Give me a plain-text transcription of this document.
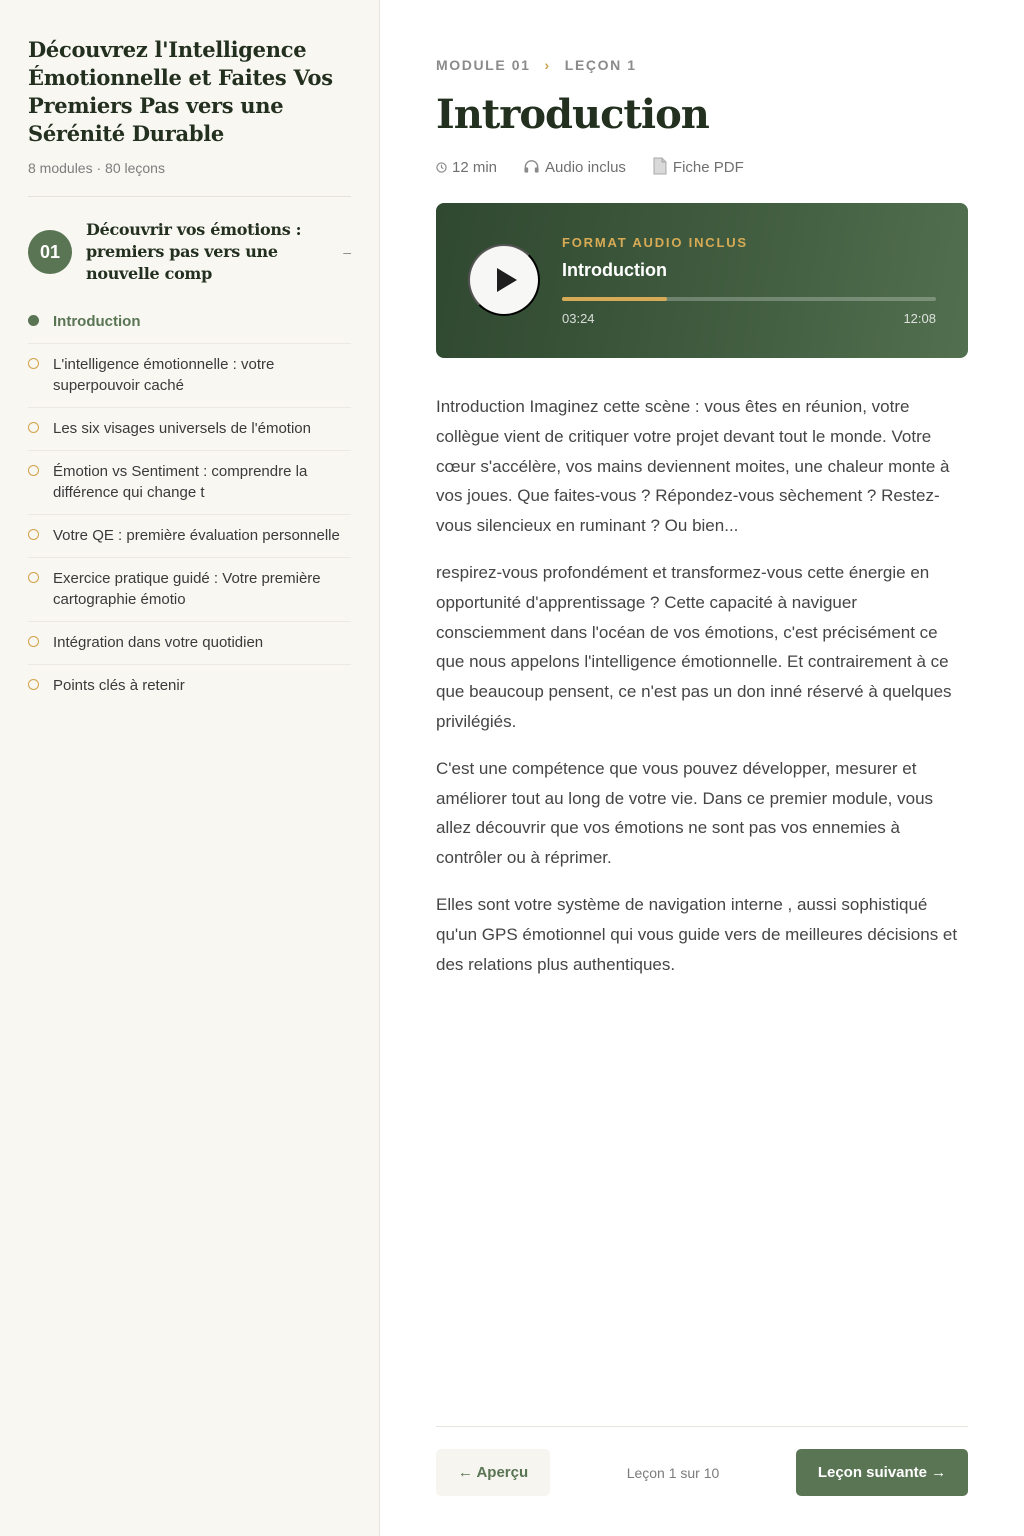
Découvrez l'Intelligence Émotionnelle et Faites Vos Premiers Pas vers une Sérénité Durable
8 modules · 80 leçons
01
Découvrir vos émotions : premiers pas vers une nouvelle comp
–
Introduction
L'intelligence émotionnelle : votre superpouvoir caché
Les six visages universels de l'émotion
Émotion vs Sentiment : comprendre la différence qui change t
Votre QE : première évaluation personnelle
Exercice pratique guidé : Votre première cartographie émotio
Intégration dans votre quotidien
Points clés à retenir
MODULE 01 › LEÇON 1
Introduction
12 min	Audio inclus	Fiche PDF
FORMAT AUDIO INCLUS
Introduction
03:24	12:08

Introduction Imaginez cette scène : vous êtes en réunion, votre collègue vient de critiquer votre projet devant tout le monde. Votre cœur s'accélère, vos mains deviennent moites, une chaleur monte à vos joues. Que faites-vous ? Répondez-vous sèchement ? Restez-vous silencieux en ruminant ? Ou bien...

respirez-vous profondément et transformez-vous cette énergie en opportunité d'apprentissage ? Cette capacité à naviguer consciemment dans l'océan de vos émotions, c'est précisément ce que nous appelons l'intelligence émotionnelle. Et contrairement à ce que beaucoup pensent, ce n'est pas un don inné réservé à quelques privilégiés.

C'est une compétence que vous pouvez développer, mesurer et améliorer tout au long de votre vie. Dans ce premier module, vous allez découvrir que vos émotions ne sont pas vos ennemies à contrôler ou à réprimer.

Elles sont votre système de navigation interne , aussi sophistiqué qu'un GPS émotionnel qui vous guide vers de meilleures décisions et des relations plus authentiques.

← Aperçu	Leçon 1 sur 10	Leçon suivante →
